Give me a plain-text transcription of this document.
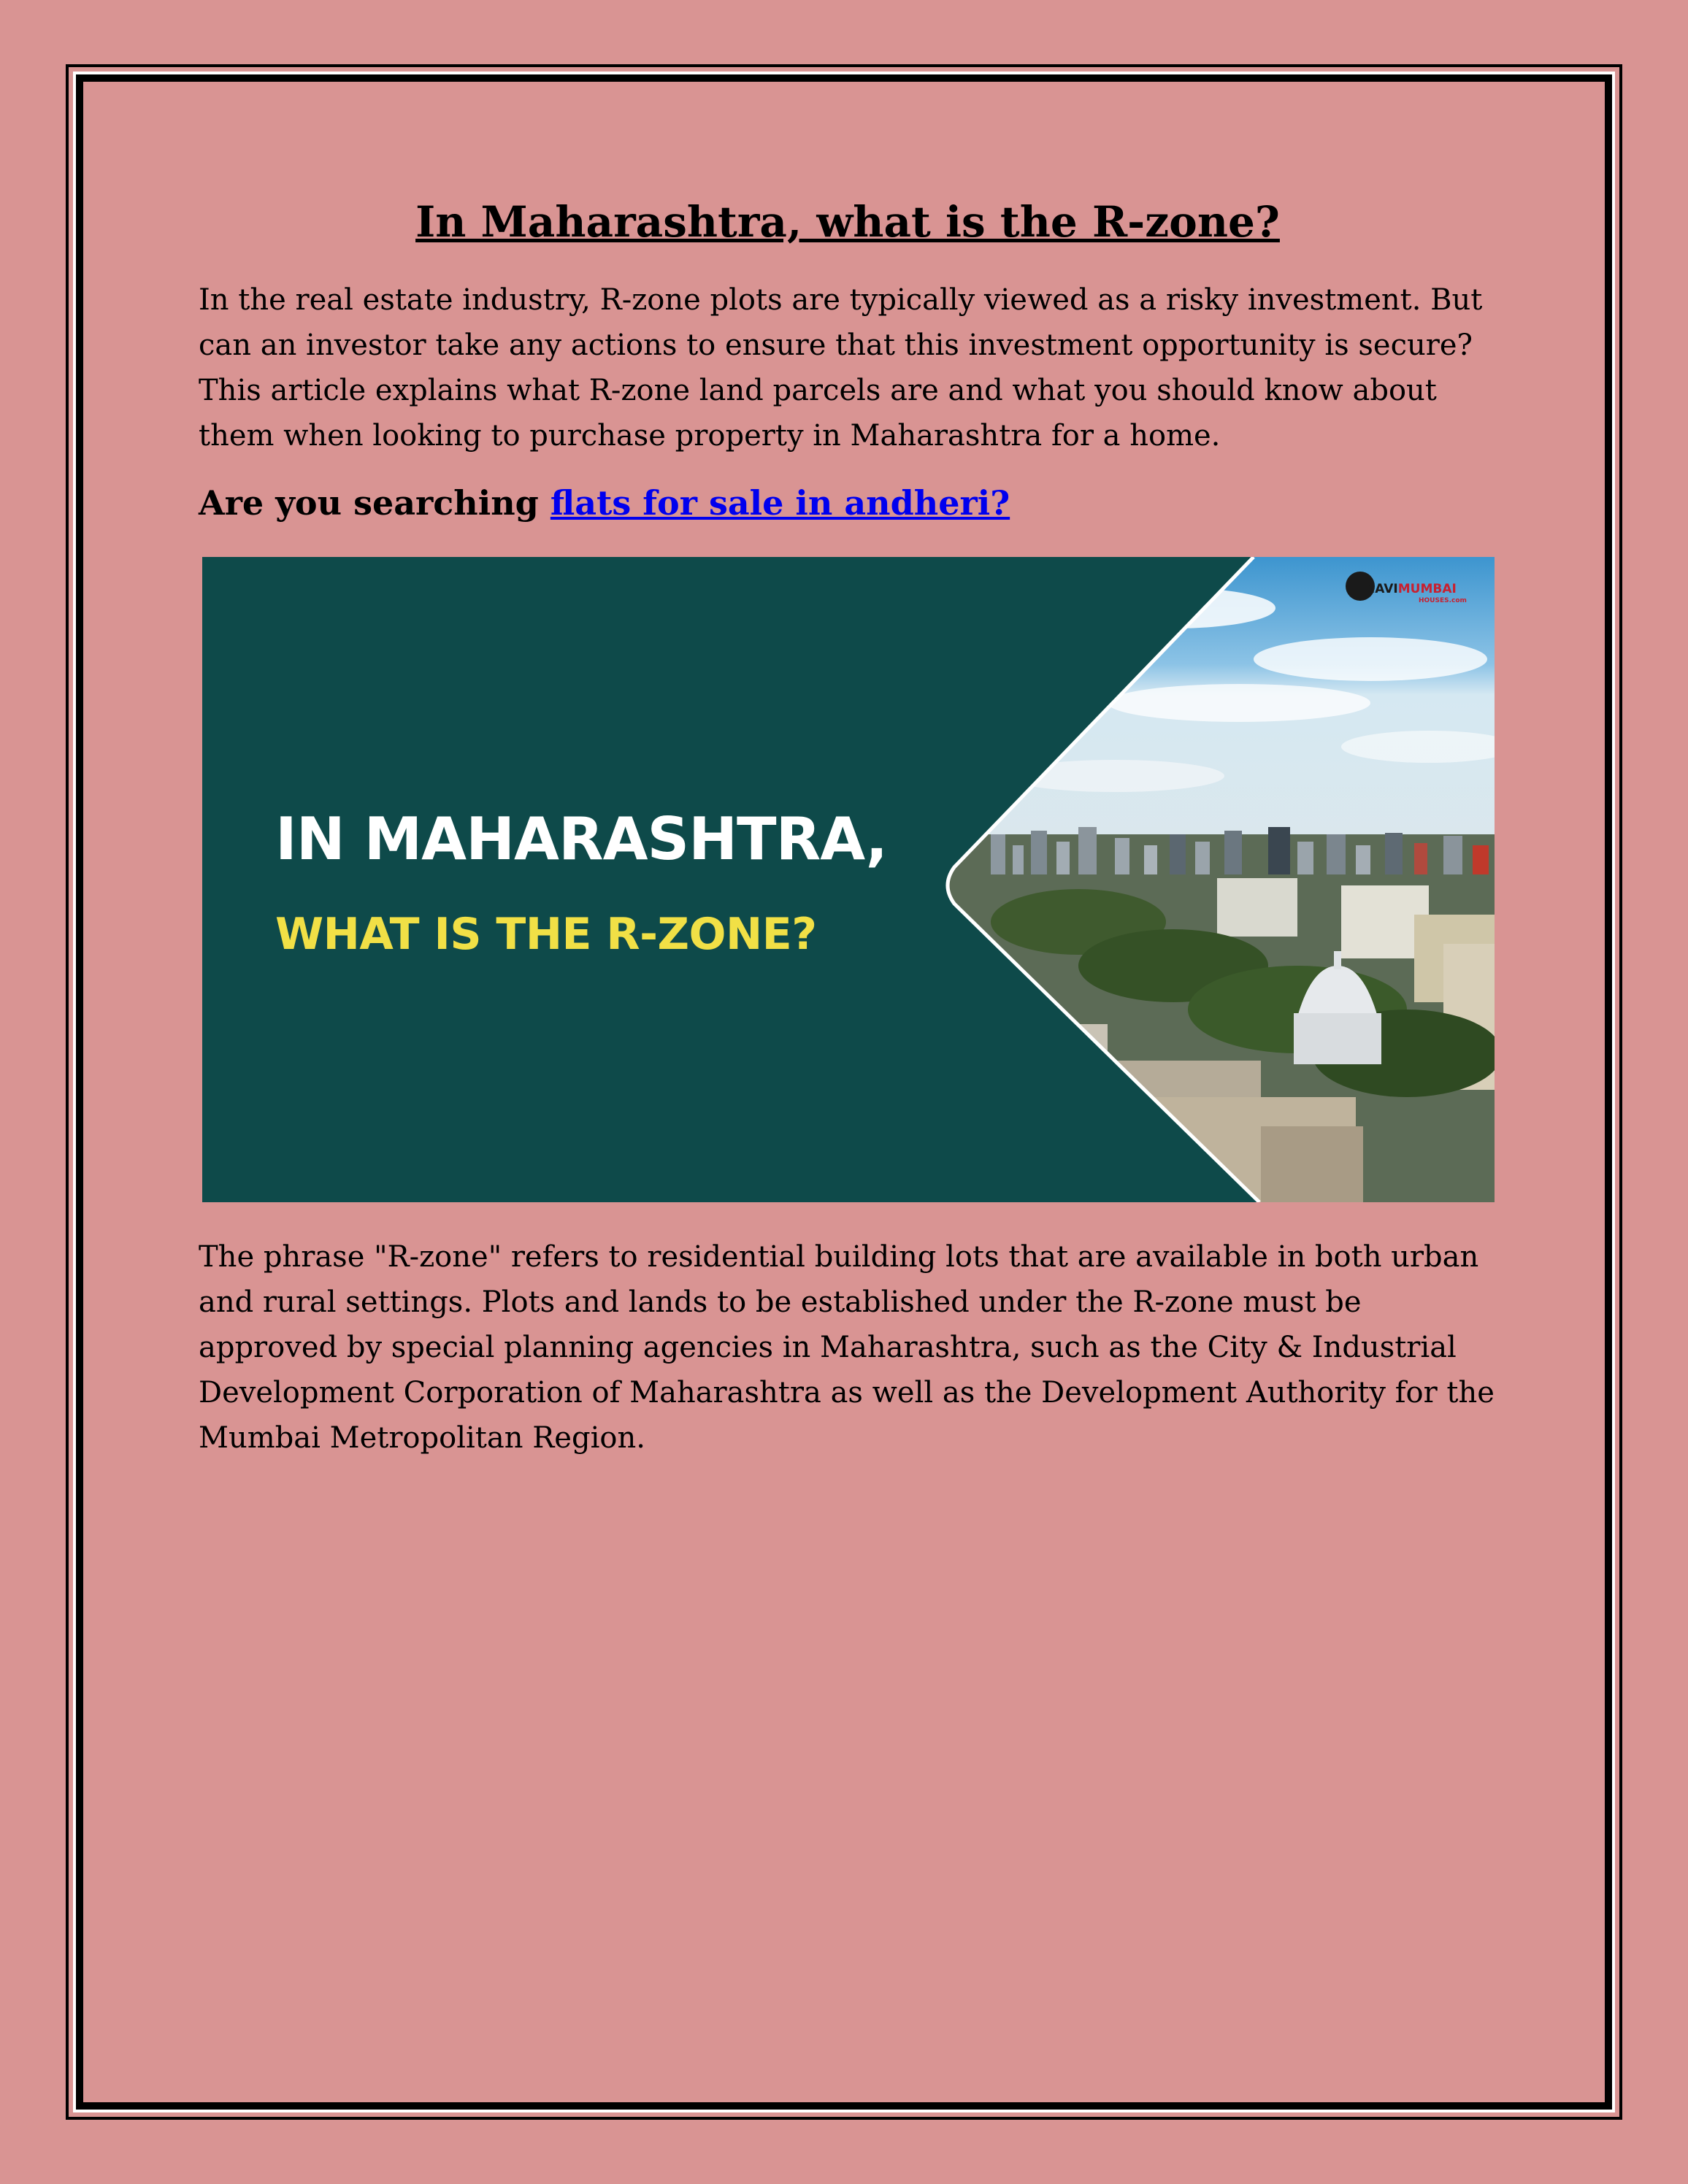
In Maharashtra, what is the R-zone?

In the real estate industry, R-zone plots are typically viewed as a risky investment. But can an investor take any actions to ensure that this investment opportunity is secure? This article explains what R-zone land parcels are and what you should know about them when looking to purchase property in Maharashtra for a home.

Are you searching flats for sale in andheri?
IN MAHARASHTRA,
WHAT IS THE R-ZONE?
NAVIMUMBAI
HOUSES.com

The phrase "R-zone" refers to residential building lots that are available in both urban and rural settings. Plots and lands to be established under the R-zone must be approved by special planning agencies in Maharashtra, such as the City & Industrial Development Corporation of Maharashtra as well as the Development Authority for the Mumbai Metropolitan Region.
